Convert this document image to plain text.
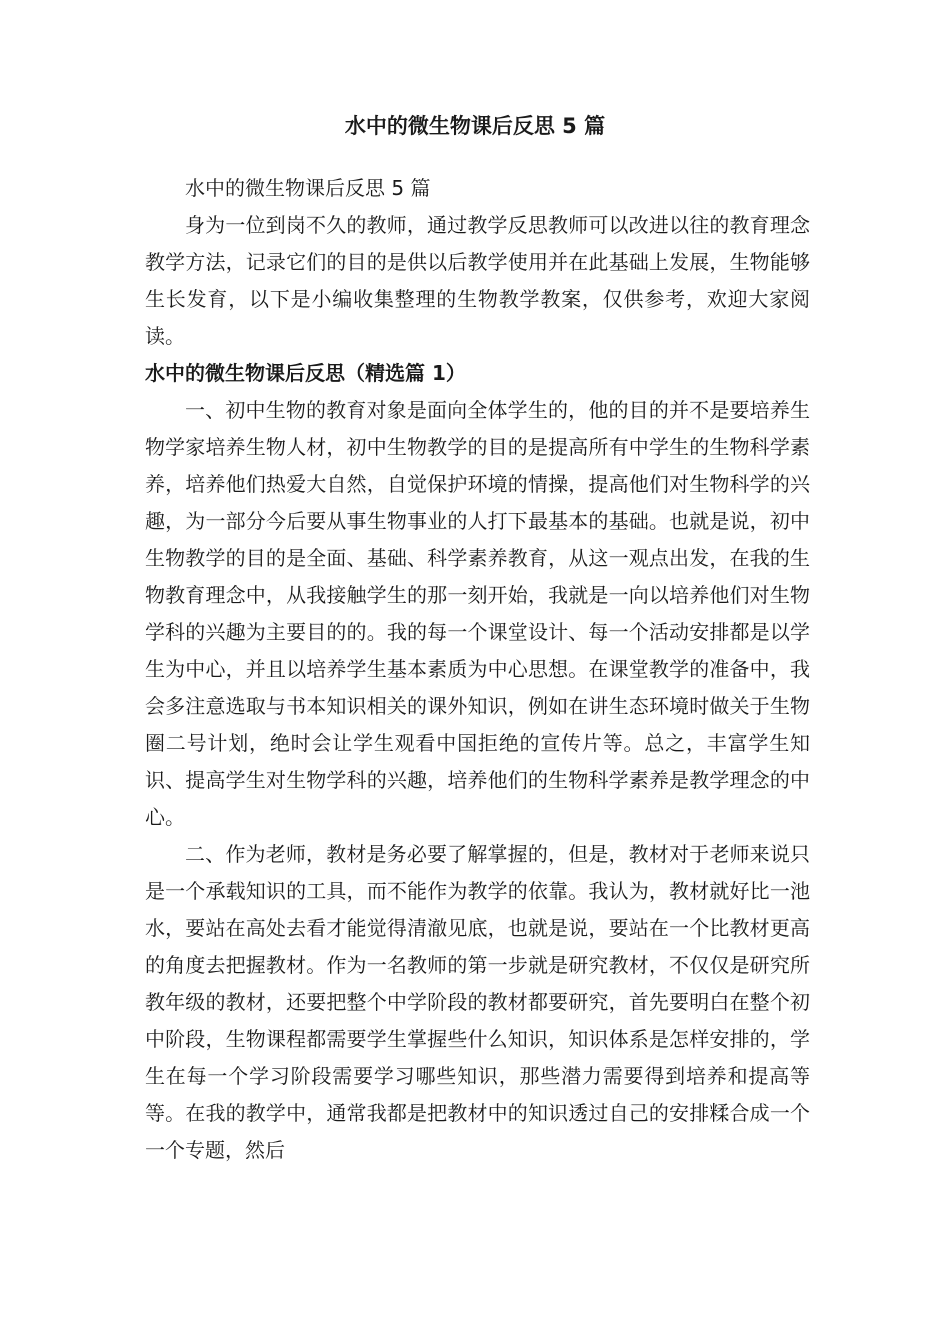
水中的微生物课后反思 5 篇

水中的微生物课后反思 5 篇

身为一位到岗不久的教师，通过教学反思教师可以改进以往的教育理念教学方法，记录它们的目的是供以后教学使用并在此基础上发展，生物能够生长发育，以下是小编收集整理的生物教学教案，仅供参考，欢迎大家阅读。

水中的微生物课后反思（精选篇 1）

一、初中生物的教育对象是面向全体学生的，他的目的并不是要培养生物学家培养生物人材，初中生物教学的目的是提高所有中学生的生物科学素养，培养他们热爱大自然，自觉保护环境的情操，提高他们对生物科学的兴趣，为一部分今后要从事生物事业的人打下最基本的基础。也就是说，初中生物教学的目的是全面、基础、科学素养教育，从这一观点出发，在我的生物教育理念中，从我接触学生的那一刻开始，我就是一向以培养他们对生物学科的兴趣为主要目的的。我的每一个课堂设计、每一个活动安排都是以学生为中心，并且以培养学生基本素质为中心思想。在课堂教学的准备中，我会多注意选取与书本知识相关的课外知识，例如在讲生态环境时做关于生物圈二号计划，绝时会让学生观看中国拒绝的宣传片等。总之，丰富学生知识、提高学生对生物学科的兴趣，培养他们的生物科学素养是教学理念的中心。

二、作为老师，教材是务必要了解掌握的，但是，教材对于老师来说只是一个承载知识的工具，而不能作为教学的依靠。我认为，教材就好比一池水，要站在高处去看才能觉得清澈见底，也就是说，要站在一个比教材更高的角度去把握教材。作为一名教师的第一步就是研究教材，不仅仅是研究所教年级的教材，还要把整个中学阶段的教材都要研究，首先要明白在整个初中阶段，生物课程都需要学生掌握些什么知识，知识体系是怎样安排的，学生在每一个学习阶段需要学习哪些知识，那些潜力需要得到培养和提高等等。在我的教学中，通常我都是把教材中的知识透过自己的安排糅合成一个一个专题，然后
